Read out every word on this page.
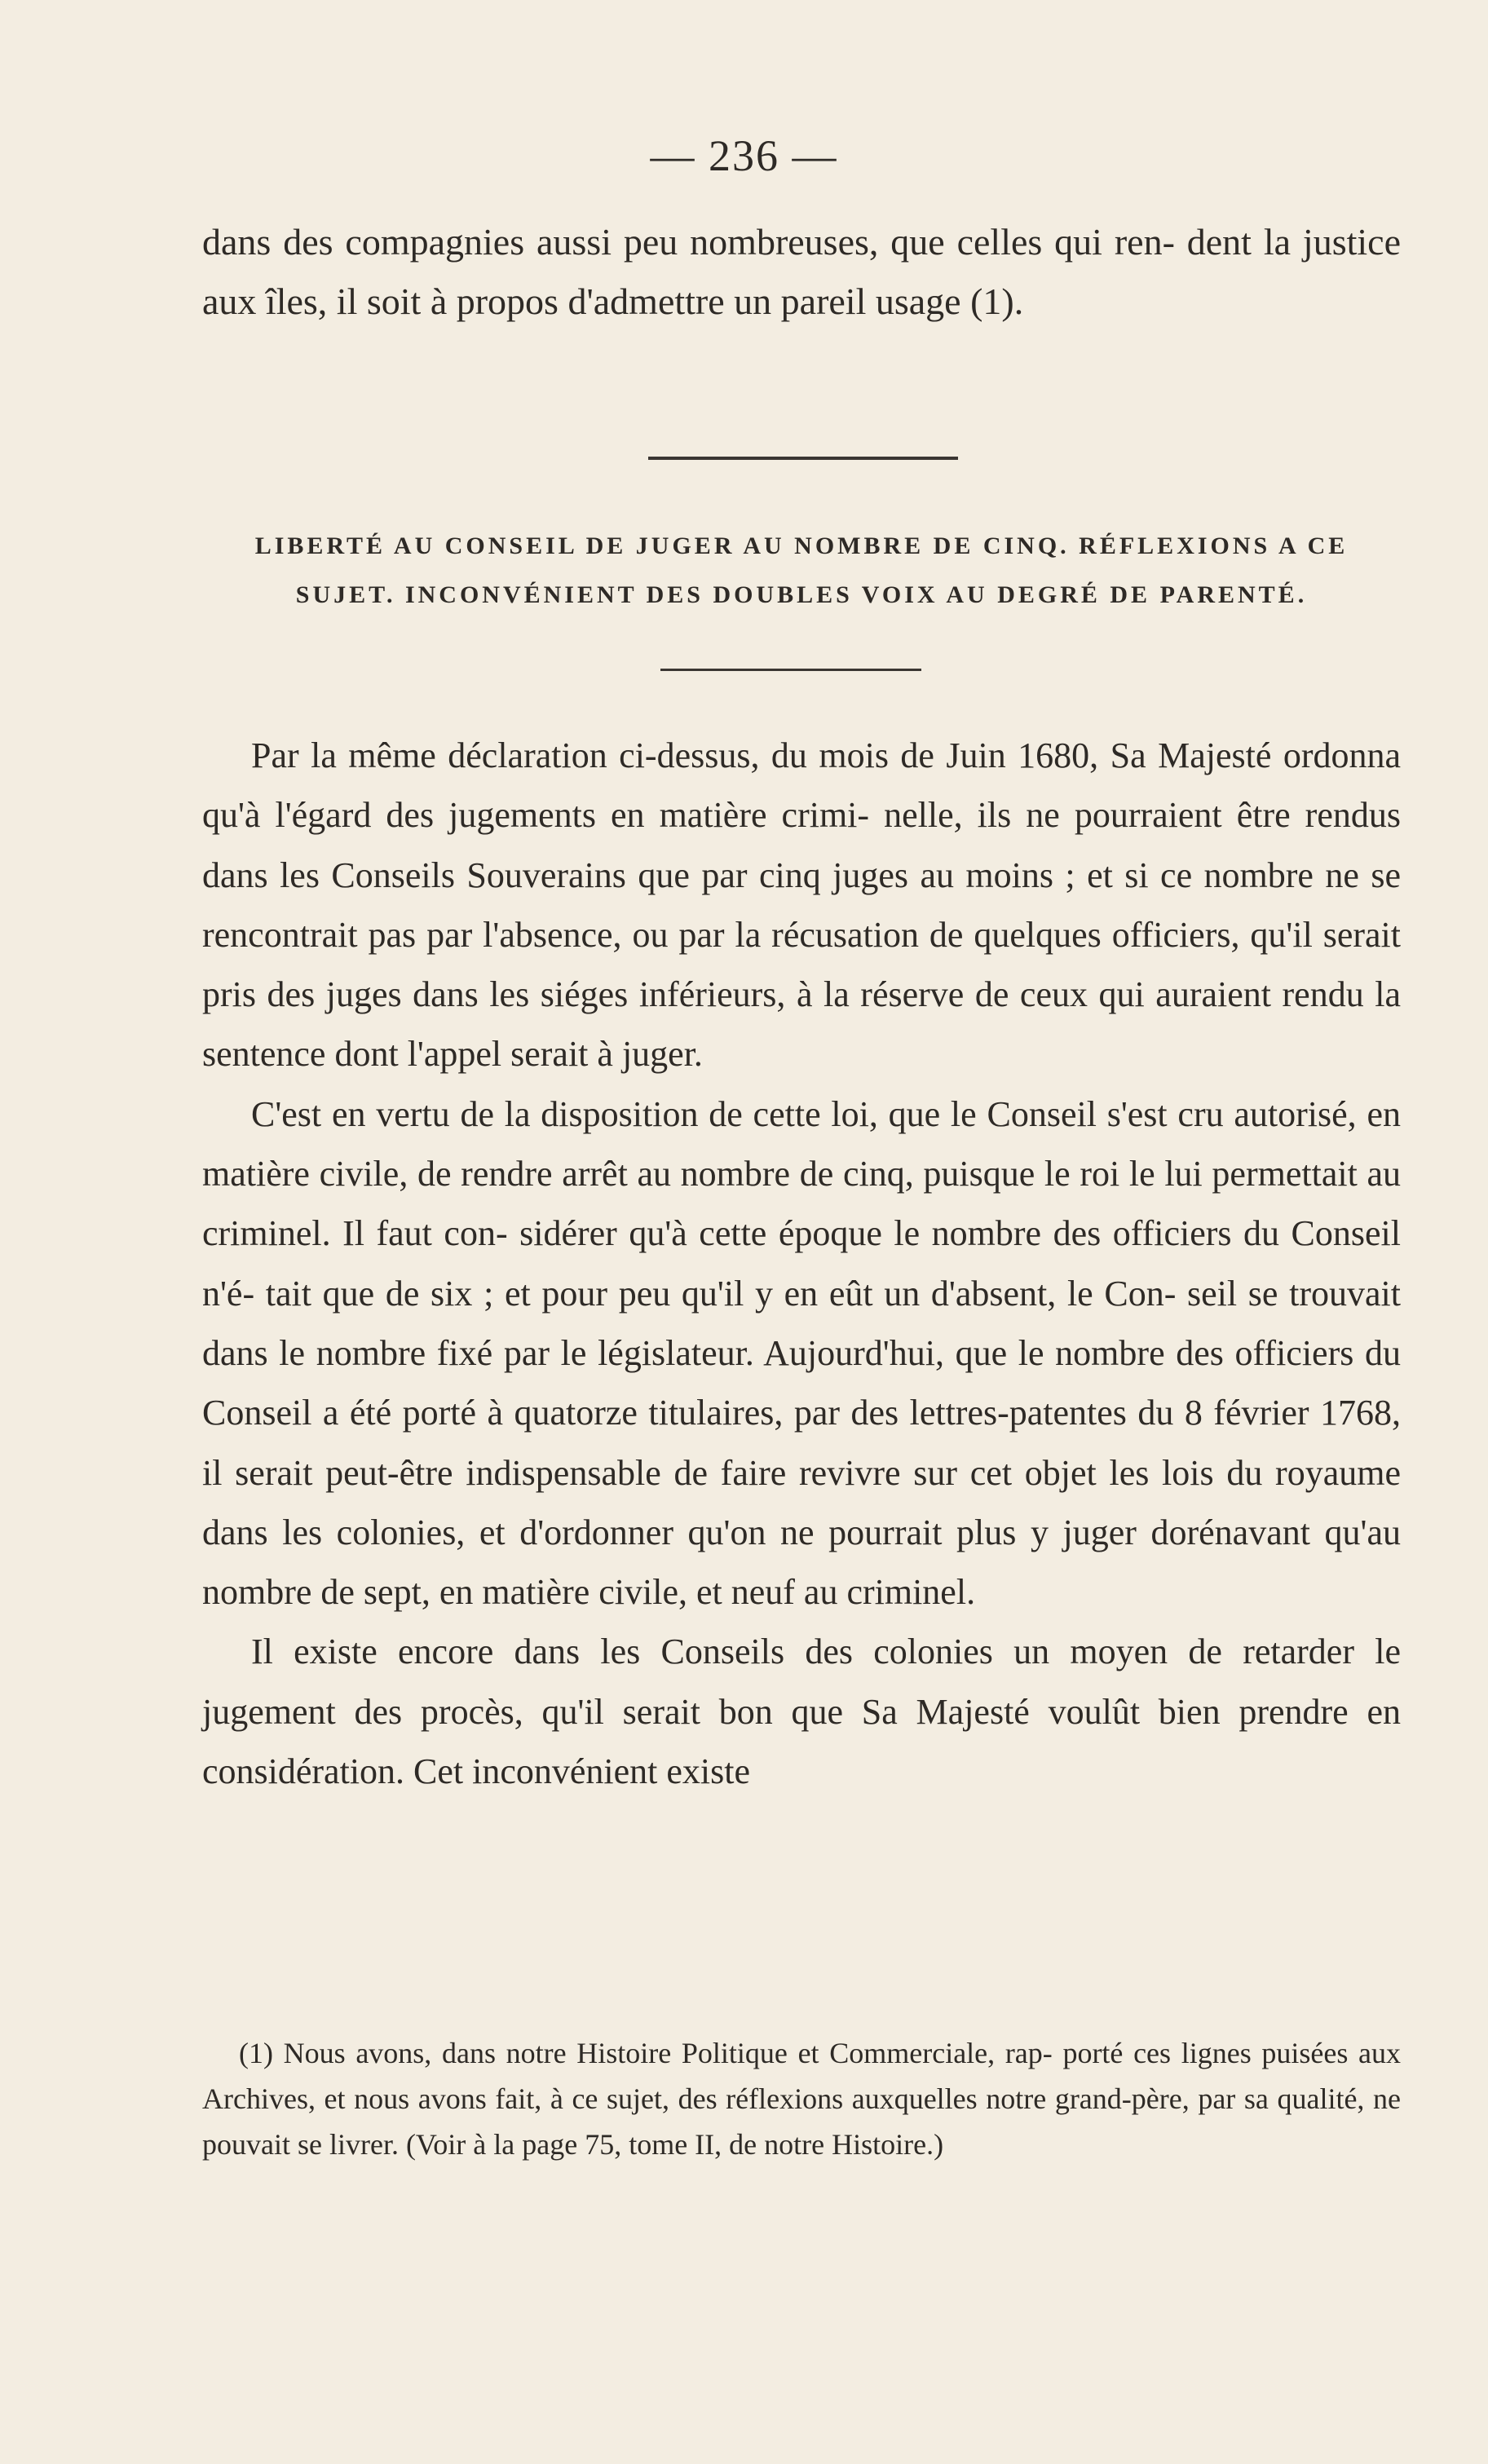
— 236 —
dans des compagnies aussi peu nombreuses, que celles qui ren- dent la justice aux îles, il soit à propos d'admettre un pareil usage (1).
LIBERTÉ AU CONSEIL DE JUGER AU NOMBRE DE CINQ. RÉFLEXIONS A CE SUJET. INCONVÉNIENT DES DOUBLES VOIX AU DEGRÉ DE PARENTÉ.

Par la même déclaration ci-dessus, du mois de Juin 1680, Sa Majesté ordonna qu'à l'égard des jugements en matière crimi- nelle, ils ne pourraient être rendus dans les Conseils Souverains que par cinq juges au moins ; et si ce nombre ne se rencontrait pas par l'absence, ou par la récusation de quelques officiers, qu'il serait pris des juges dans les siéges inférieurs, à la réserve de ceux qui auraient rendu la sentence dont l'appel serait à juger.

C'est en vertu de la disposition de cette loi, que le Conseil s'est cru autorisé, en matière civile, de rendre arrêt au nombre de cinq, puisque le roi le lui permettait au criminel. Il faut con- sidérer qu'à cette époque le nombre des officiers du Conseil n'é- tait que de six ; et pour peu qu'il y en eût un d'absent, le Con- seil se trouvait dans le nombre fixé par le législateur. Aujourd'hui, que le nombre des officiers du Conseil a été porté à quatorze titulaires, par des lettres-patentes du 8 février 1768, il serait peut-être indispensable de faire revivre sur cet objet les lois du royaume dans les colonies, et d'ordonner qu'on ne pourrait plus y juger dorénavant qu'au nombre de sept, en matière civile, et neuf au criminel.

Il existe encore dans les Conseils des colonies un moyen de retarder le jugement des procès, qu'il serait bon que Sa Majesté voulût bien prendre en considération. Cet inconvénient existe

(1) Nous avons, dans notre Histoire Politique et Commerciale, rap- porté ces lignes puisées aux Archives, et nous avons fait, à ce sujet, des réflexions auxquelles notre grand-père, par sa qualité, ne pouvait se livrer. (Voir à la page 75, tome II, de notre Histoire.)
